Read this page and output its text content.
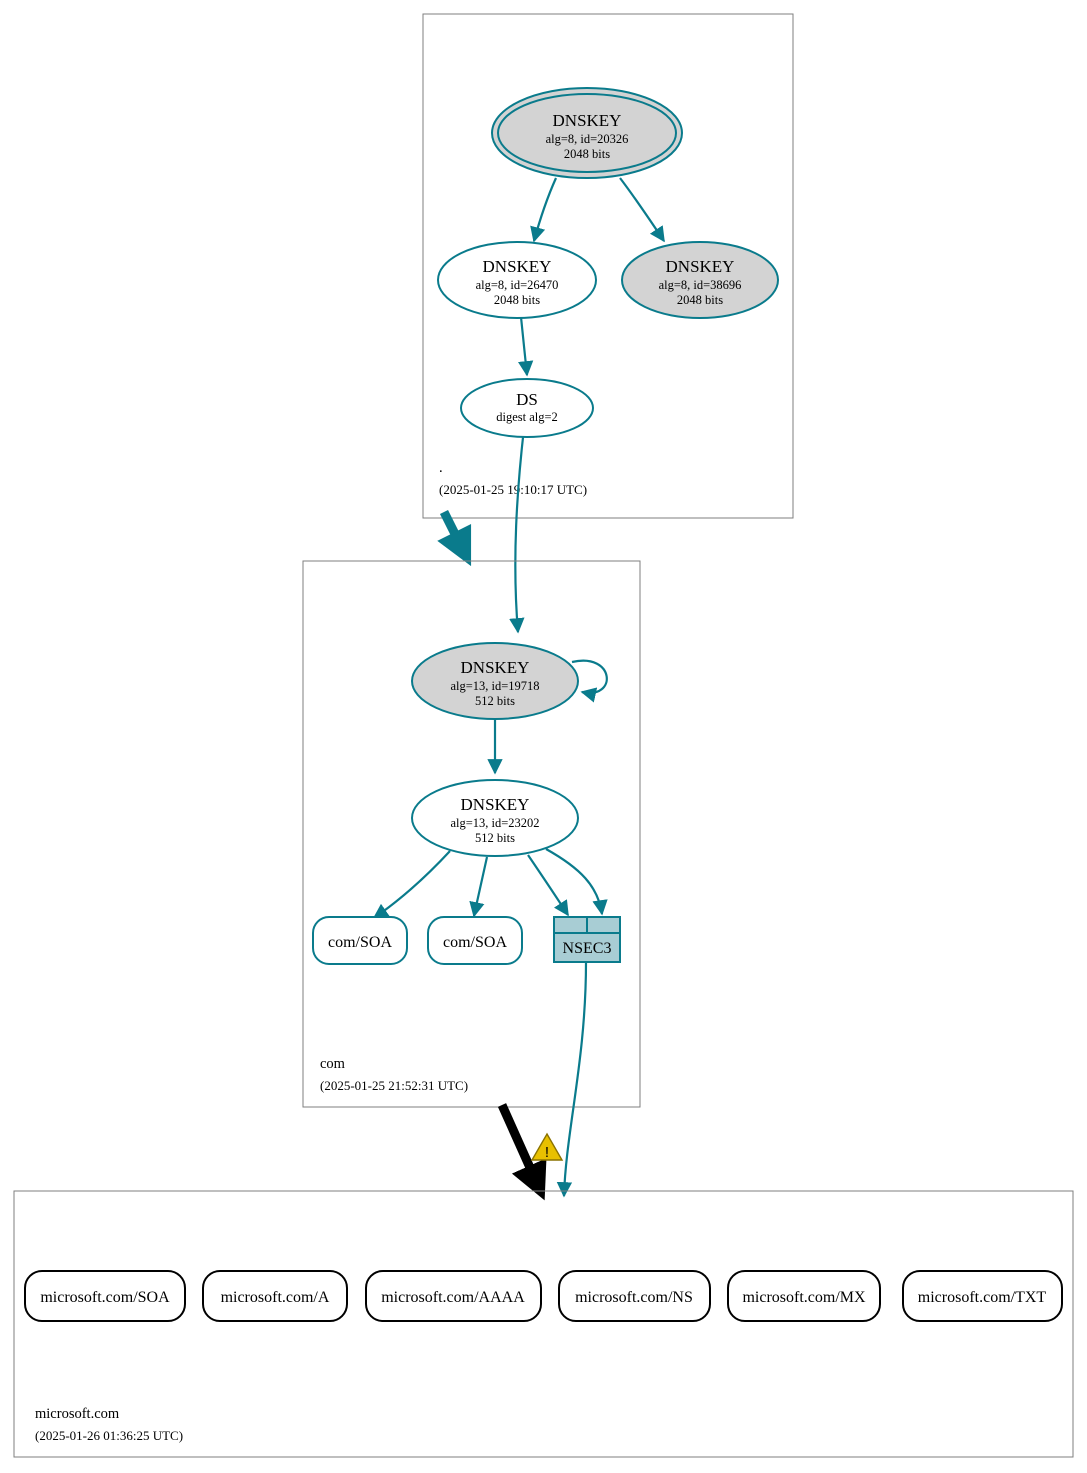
.
(2025-01-25 19:10:17 UTC)
DNSKEY
alg=8, id=20326
2048 bits
DNSKEY
alg=8, id=26470
2048 bits
DNSKEY
alg=8, id=38696
2048 bits
DS
digest alg=2
com
(2025-01-25 21:52:31 UTC)
!
DNSKEY
alg=13, id=19718
512 bits
DNSKEY
alg=13, id=23202
512 bits
com/SOA	com/SOA	NSEC3
microsoft.com
(2025-01-26 01:36:25 UTC)
microsoft.com/SOA	microsoft.com/A	microsoft.com/AAAA	microsoft.com/NS	microsoft.com/MX	microsoft.com/TXT
